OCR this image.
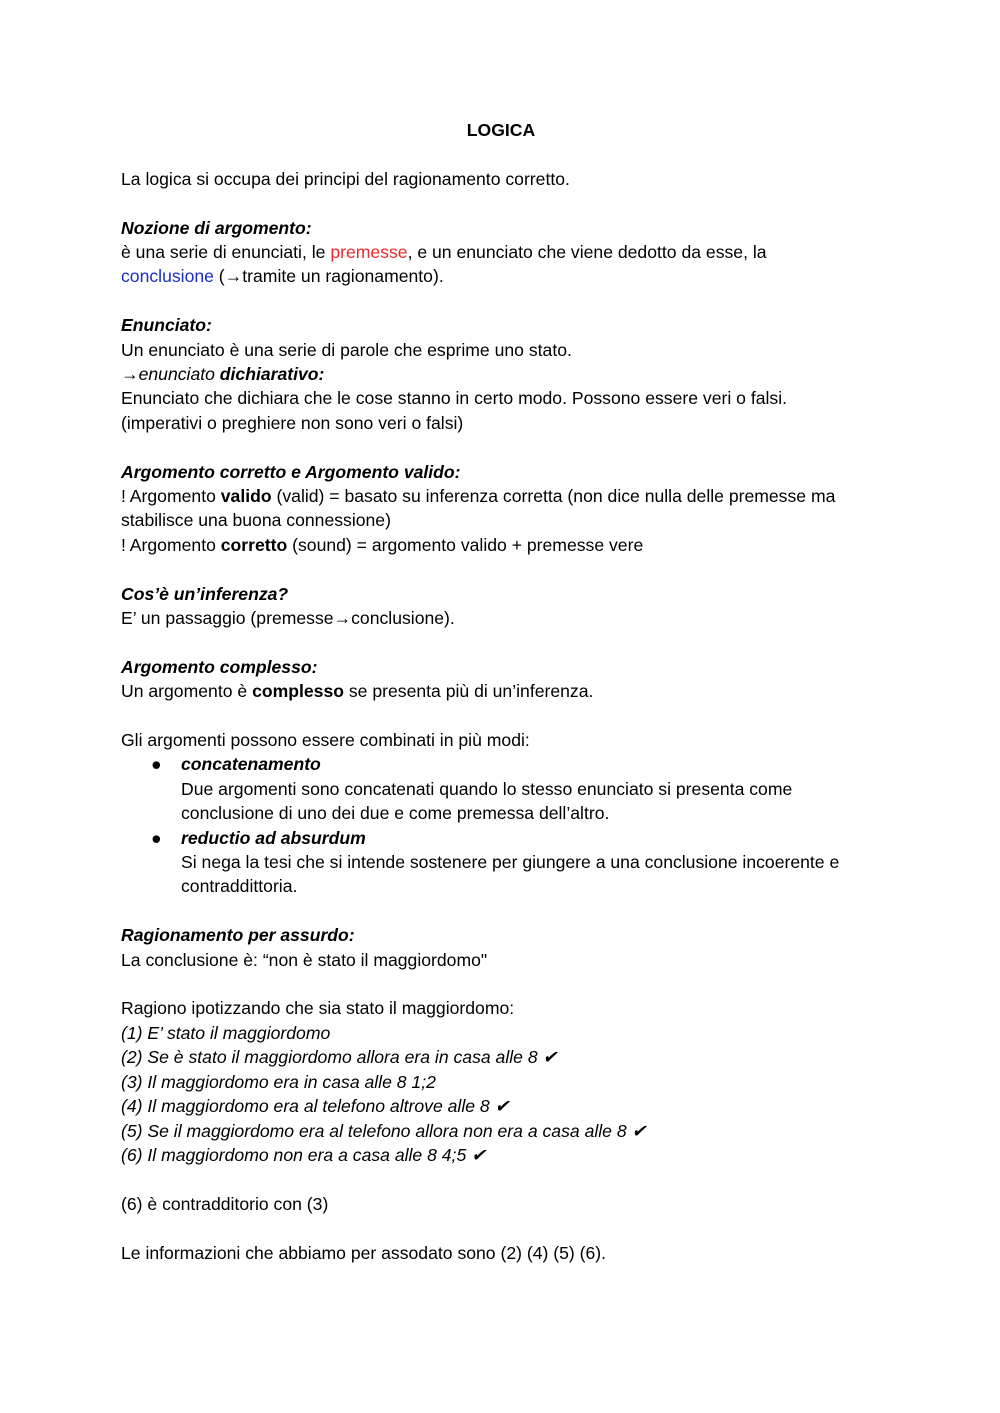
LOGICA

La logica si occupa dei principi del ragionamento corretto.

Nozione di argomento:

è una serie di enunciati, le premesse, e un enunciato che viene dedotto da esse, la

conclusione (→tramite un ragionamento).

Enunciato:

Un enunciato è una serie di parole che esprime uno stato.

→enunciato dichiarativo:

Enunciato che dichiara che le cose stanno in certo modo. Possono essere veri o falsi.

(imperativi o preghiere non sono veri o falsi)

Argomento corretto e Argomento valido:

! Argomento valido (valid) = basato su inferenza corretta (non dice nulla delle premesse ma

stabilisce una buona connessione)

! Argomento corretto (sound) = argomento valido + premesse vere

Cos’è un’inferenza?

E’ un passaggio (premesse→conclusione).

Argomento complesso:

Un argomento è complesso se presenta più di un’inferenza.

Gli argomenti possono essere combinati in più modi:

● concatenamento

Due argomenti sono concatenati quando lo stesso enunciato si presenta come

conclusione di uno dei due e come premessa dell’altro.

● reductio ad absurdum

Si nega la tesi che si intende sostenere per giungere a una conclusione incoerente e

contraddittoria.

Ragionamento per assurdo:

La conclusione è: “non è stato il maggiordomo"

Ragiono ipotizzando che sia stato il maggiordomo:

(1) E’ stato il maggiordomo

(2) Se è stato il maggiordomo allora era in casa alle 8 ✔

(3) Il maggiordomo era in casa alle 8 1;2

(4) Il maggiordomo era al telefono altrove alle 8 ✔

(5) Se il maggiordomo era al telefono allora non era a casa alle 8 ✔

(6) Il maggiordomo non era a casa alle 8 4;5 ✔

(6) è contradditorio con (3)

Le informazioni che abbiamo per assodato sono (2) (4) (5) (6).
